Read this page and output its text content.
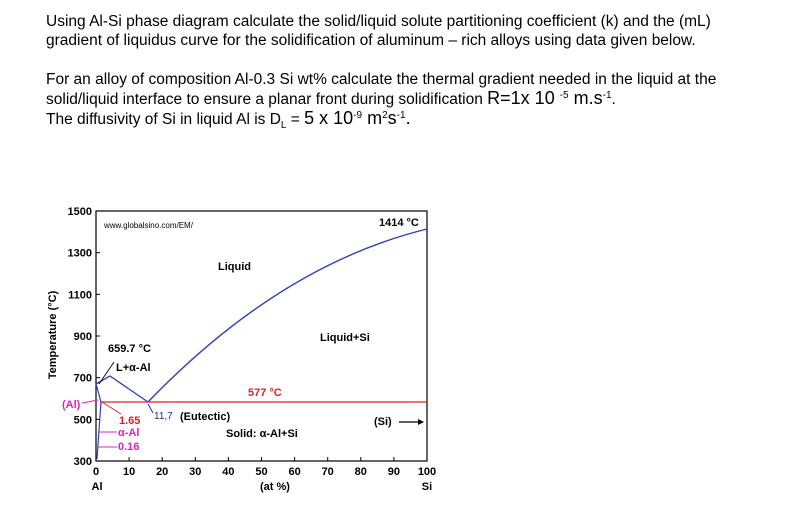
Using Al-Si phase diagram calculate the solid/liquid solute partitioning coefficient (k) and the (mL)
gradient of liquidus curve for the solidification of aluminum – rich alloys using data given below.
For an alloy of composition Al-0.3 Si wt% calculate the thermal gradient needed in the liquid at the
solid/liquid interface to ensure a planar front during solidification R=1x 10 $^{-5}$ $m.s^{-1}$.
The diffusivity of Si in liquid Al is $D_L = 5$ x $10^{-9}$ $m^2s^{-1}$.
Temperature (°C)
1500
1300
1100
900
700
500
300
0 10 20 30 40 50 60 70 80 90 100
Al	Si
(at %)
www.globalsino.com/EM/
Liquid
Liquid+Si
Solid: α-Al+Si
(Si)
L+α-Al
1414 °C
659.7 °C
577 °C
11,7 (Eutectic)
(Al)
1.65
α-Al
0.16
